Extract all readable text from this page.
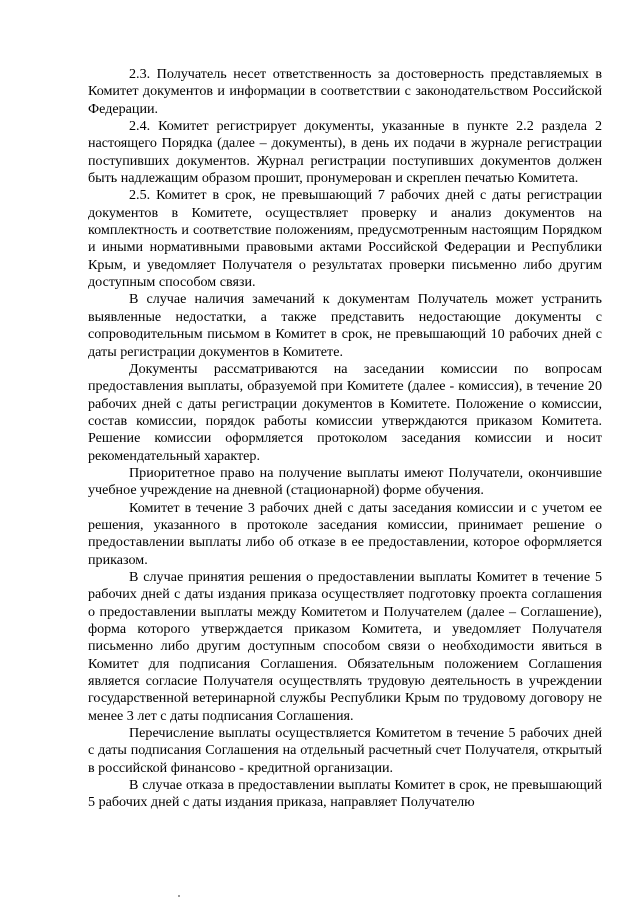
2.3. Получатель несет ответственность за достоверность представляемых в Комитет документов и информации в соответствии с законодательством Российской Федерации.

2.4. Комитет регистрирует документы, указанные в пункте 2.2 раздела 2 настоящего Порядка (далее – документы), в день их подачи в журнале регистрации поступивших документов. Журнал регистрации поступивших документов должен быть надлежащим образом прошит, пронумерован и скреплен печатью Комитета.

2.5. Комитет в срок, не превышающий 7 рабочих дней с даты регистрации документов в Комитете, осуществляет проверку и анализ документов на комплектность и соответствие положениям, предусмотренным настоящим Порядком и иными нормативными правовыми актами Российской Федерации и Республики Крым, и уведомляет Получателя о результатах проверки письменно либо другим доступным способом связи.

В случае наличия замечаний к документам Получатель может устранить выявленные недостатки, а также представить недостающие документы с сопроводительным письмом в Комитет в срок, не превышающий 10 рабочих дней с даты регистрации документов в Комитете.

Документы рассматриваются на заседании комиссии по вопросам предоставления выплаты, образуемой при Комитете (далее - комиссия), в течение 20 рабочих дней с даты регистрации документов в Комитете. Положение о комиссии, состав комиссии, порядок работы комиссии утверждаются приказом Комитета. Решение комиссии оформляется протоколом заседания комиссии и носит рекомендательный характер.

Приоритетное право на получение выплаты имеют Получатели, окончившие учебное учреждение на дневной (стационарной) форме обучения.

Комитет в течение 3 рабочих дней с даты заседания комиссии и с учетом ее решения, указанного в протоколе заседания комиссии, принимает решение о предоставлении выплаты либо об отказе в ее предоставлении, которое оформляется приказом.

В случае принятия решения о предоставлении выплаты Комитет в течение 5 рабочих дней с даты издания приказа осуществляет подготовку проекта соглашения о предоставлении выплаты между Комитетом и Получателем (далее – Соглашение), форма которого утверждается приказом Комитета, и уведомляет Получателя письменно либо другим доступным способом связи о необходимости явиться в Комитет для подписания Соглашения. Обязательным положением Соглашения является согласие Получателя осуществлять трудовую деятельность в учреждении государственной ветеринарной службы Республики Крым по трудовому договору не менее 3 лет с даты подписания Соглашения.

Перечисление выплаты осуществляется Комитетом в течение 5 рабочих дней с даты подписания Соглашения на отдельный расчетный счет Получателя, открытый в российской финансово - кредитной организации.

В случае отказа в предоставлении выплаты Комитет в срок, не превышающий 5 рабочих дней с даты издания приказа, направляет Получателю
